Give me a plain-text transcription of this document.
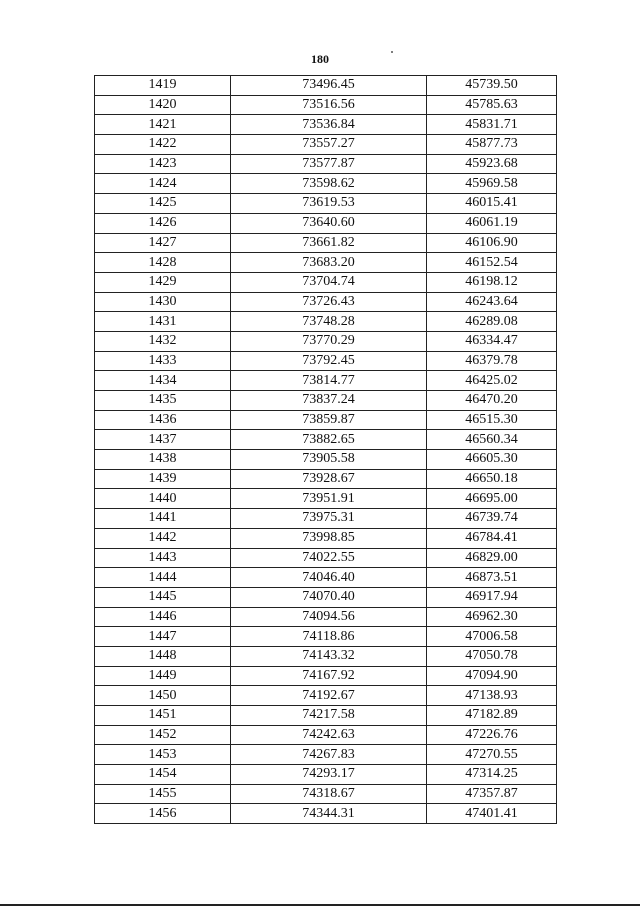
180
1419	73496.45	45739.50
1420	73516.56	45785.63
1421	73536.84	45831.71
1422	73557.27	45877.73
1423	73577.87	45923.68
1424	73598.62	45969.58
1425	73619.53	46015.41
1426	73640.60	46061.19
1427	73661.82	46106.90
1428	73683.20	46152.54
1429	73704.74	46198.12
1430	73726.43	46243.64
1431	73748.28	46289.08
1432	73770.29	46334.47
1433	73792.45	46379.78
1434	73814.77	46425.02
1435	73837.24	46470.20
1436	73859.87	46515.30
1437	73882.65	46560.34
1438	73905.58	46605.30
1439	73928.67	46650.18
1440	73951.91	46695.00
1441	73975.31	46739.74
1442	73998.85	46784.41
1443	74022.55	46829.00
1444	74046.40	46873.51
1445	74070.40	46917.94
1446	74094.56	46962.30
1447	74118.86	47006.58
1448	74143.32	47050.78
1449	74167.92	47094.90
1450	74192.67	47138.93
1451	74217.58	47182.89
1452	74242.63	47226.76
1453	74267.83	47270.55
1454	74293.17	47314.25
1455	74318.67	47357.87
1456	74344.31	47401.41
